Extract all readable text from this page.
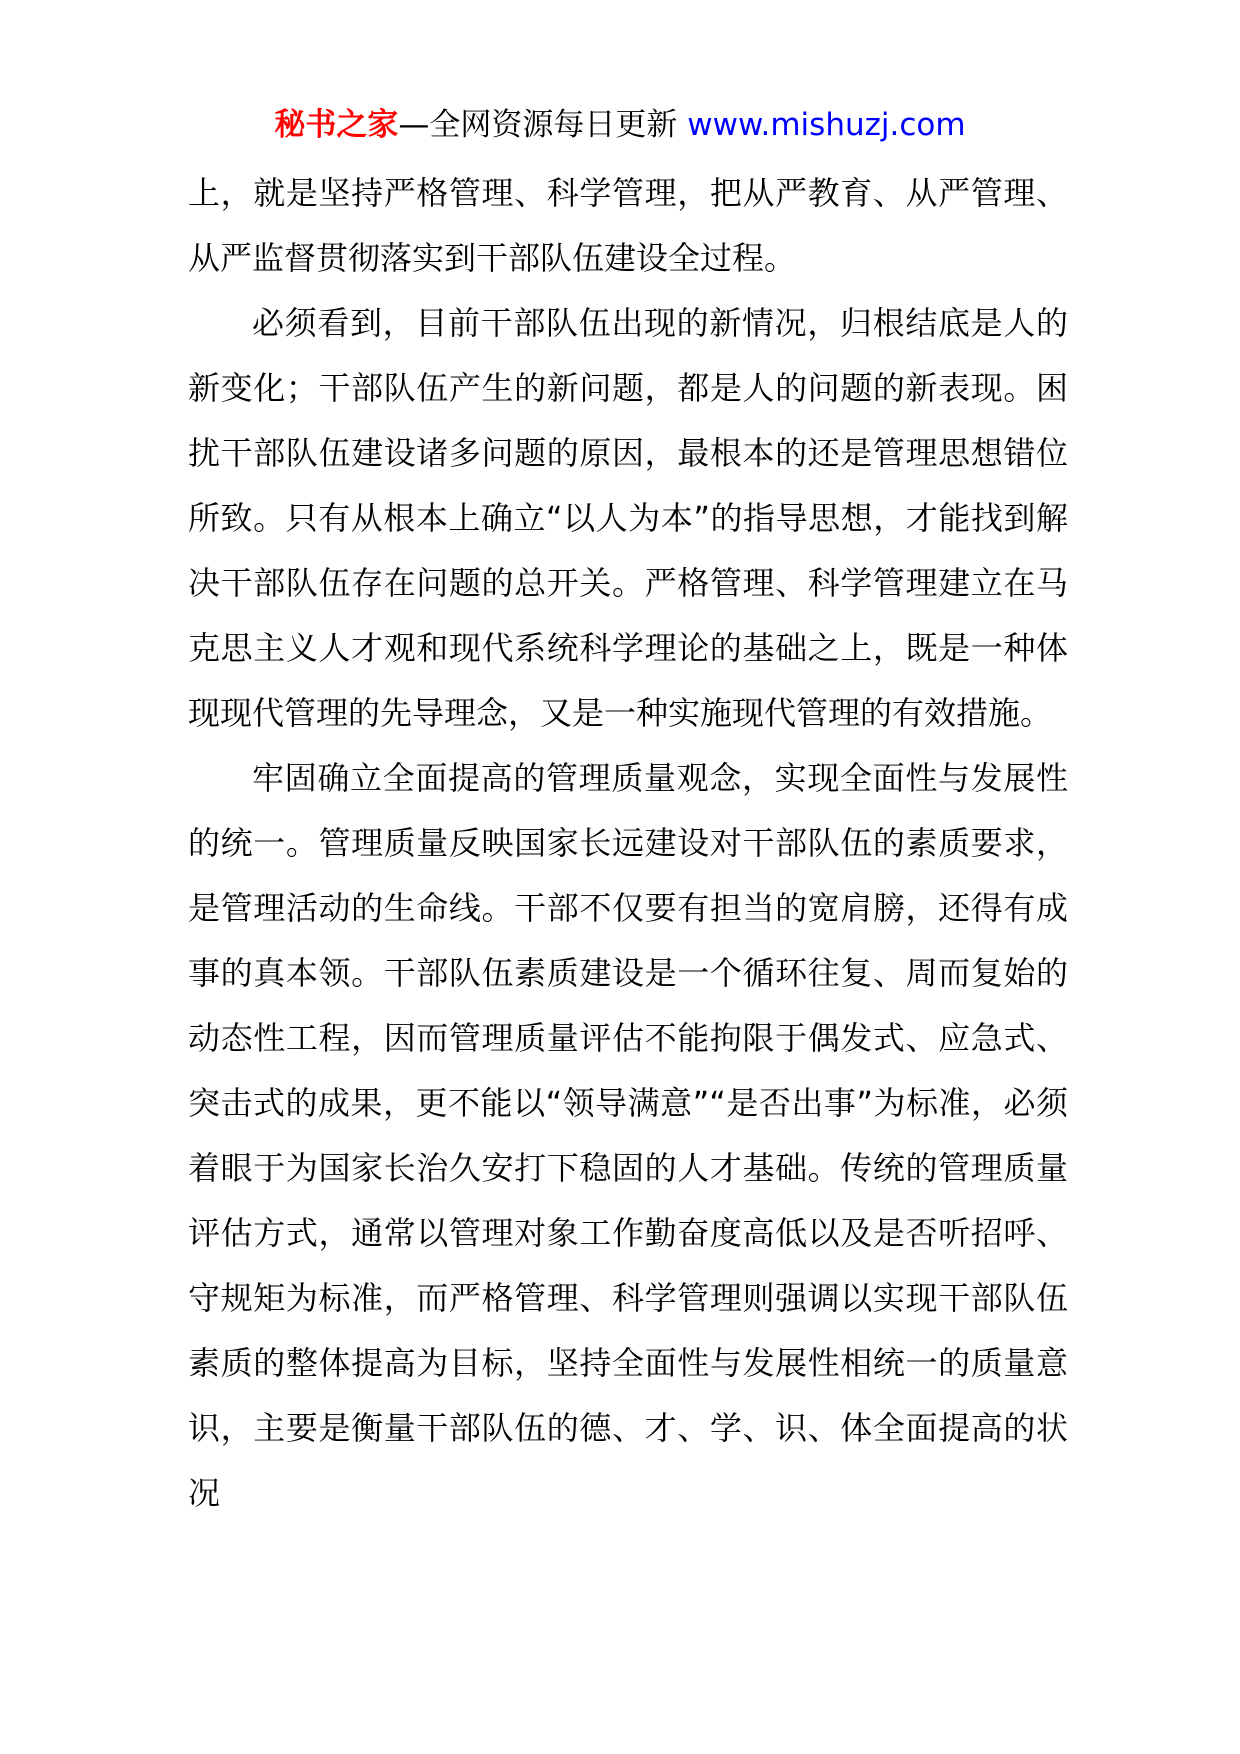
秘书之家—全网资源每日更新 www.mishuzj.com

上，就是坚持严格管理、科学管理，把从严教育、从严管理、从严监督贯彻落实到干部队伍建设全过程。

必须看到，目前干部队伍出现的新情况，归根结底是人的新变化；干部队伍产生的新问题，都是人的问题的新表现。困扰干部队伍建设诸多问题的原因，最根本的还是管理思想错位所致。只有从根本上确立“以人为本”的指导思想，才能找到解决干部队伍存在问题的总开关。严格管理、科学管理建立在马克思主义人才观和现代系统科学理论的基础之上，既是一种体现现代管理的先导理念，又是一种实施现代管理的有效措施。

牢固确立全面提高的管理质量观念，实现全面性与发展性的统一。管理质量反映国家长远建设对干部队伍的素质要求，是管理活动的生命线。干部不仅要有担当的宽肩膀，还得有成事的真本领。干部队伍素质建设是一个循环往复、周而复始的动态性工程，因而管理质量评估不能拘限于偶发式、应急式、突击式的成果，更不能以“领导满意”“是否出事”为标准，必须着眼于为国家长治久安打下稳固的人才基础。传统的管理质量评估方式，通常以管理对象工作勤奋度高低以及是否听招呼、守规矩为标准，而严格管理、科学管理则强调以实现干部队伍素质的整体提高为目标，坚持全面性与发展性相统一的质量意识，主要是衡量干部队伍的德、才、学、识、体全面提高的状况
